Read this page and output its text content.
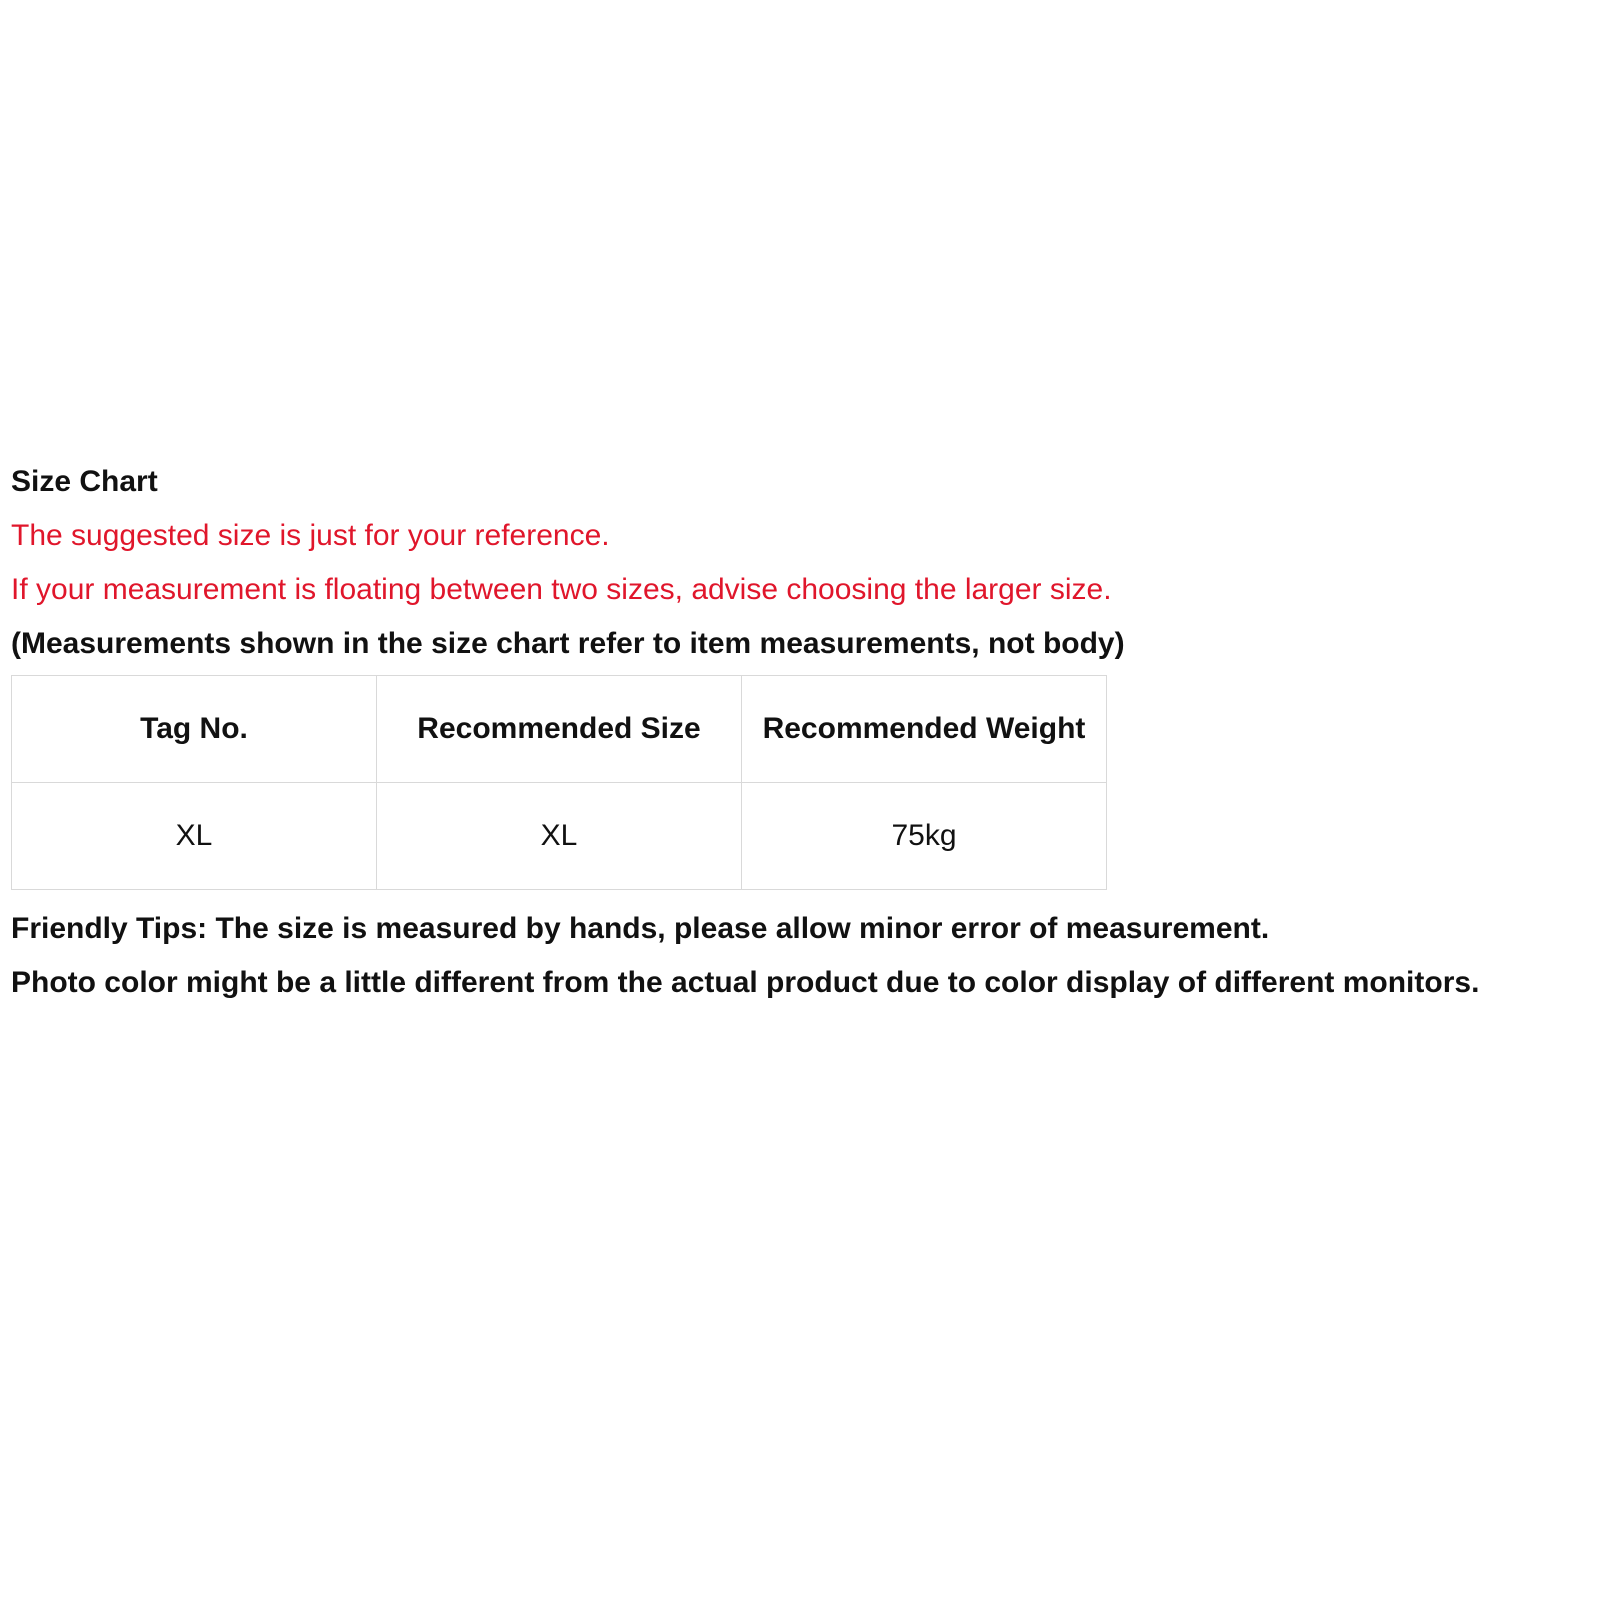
Size Chart
The suggested size is just for your reference.
If your measurement is floating between two sizes, advise choosing the larger size.
(Measurements shown in the size chart refer to item measurements, not body)
Tag No.	Recommended Size	Recommended Weight
XL	XL	75kg
Friendly Tips: The size is measured by hands, please allow minor error of measurement.
Photo color might be a little different from the actual product due to color display of different monitors.
